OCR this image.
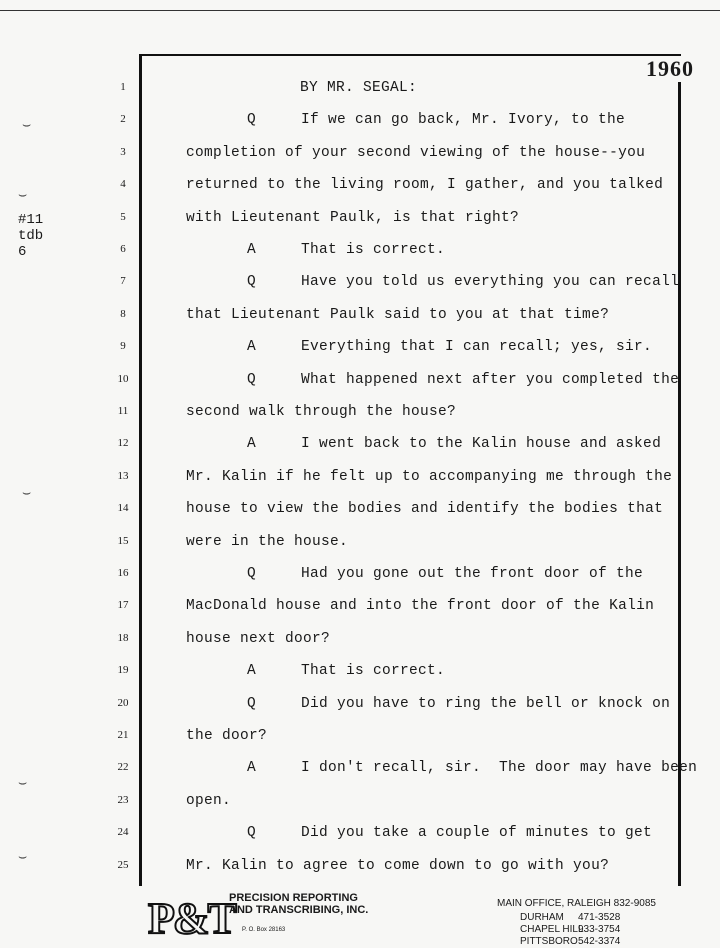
1960
#11
tdb
6
⌣
⌣
⌣
⌣
⌣
1	BY MR. SEGAL:
2	Q     If we can go back, Mr. Ivory, to the
3	completion of your second viewing of the house--you
4	returned to the living room, I gather, and you talked
5	with Lieutenant Paulk, is that right?
6	A     That is correct.
7	Q     Have you told us everything you can recall
8	that Lieutenant Paulk said to you at that time?
9	A     Everything that I can recall; yes, sir.
10	Q     What happened next after you completed the
11	second walk through the house?
12	A     I went back to the Kalin house and asked
13	Mr. Kalin if he felt up to accompanying me through the
14	house to view the bodies and identify the bodies that
15	were in the house.
16	Q     Had you gone out the front door of the
17	MacDonald house and into the front door of the Kalin
18	house next door?
19	A     That is correct.
20	Q     Did you have to ring the bell or knock on
21	the door?
22	A     I don't recall, sir.  The door may have been
23	open.
24	Q     Did you take a couple of minutes to get
25	Mr. Kalin to agree to come down to go with you?
P&T
PRECISION REPORTING
AND TRANSCRIBING, INC.
P. O. Box 28163
MAIN OFFICE, RALEIGH 832-9085
DURHAM 471-3528
CHAPEL HILL933-3754
PITTSBORO542-3374
